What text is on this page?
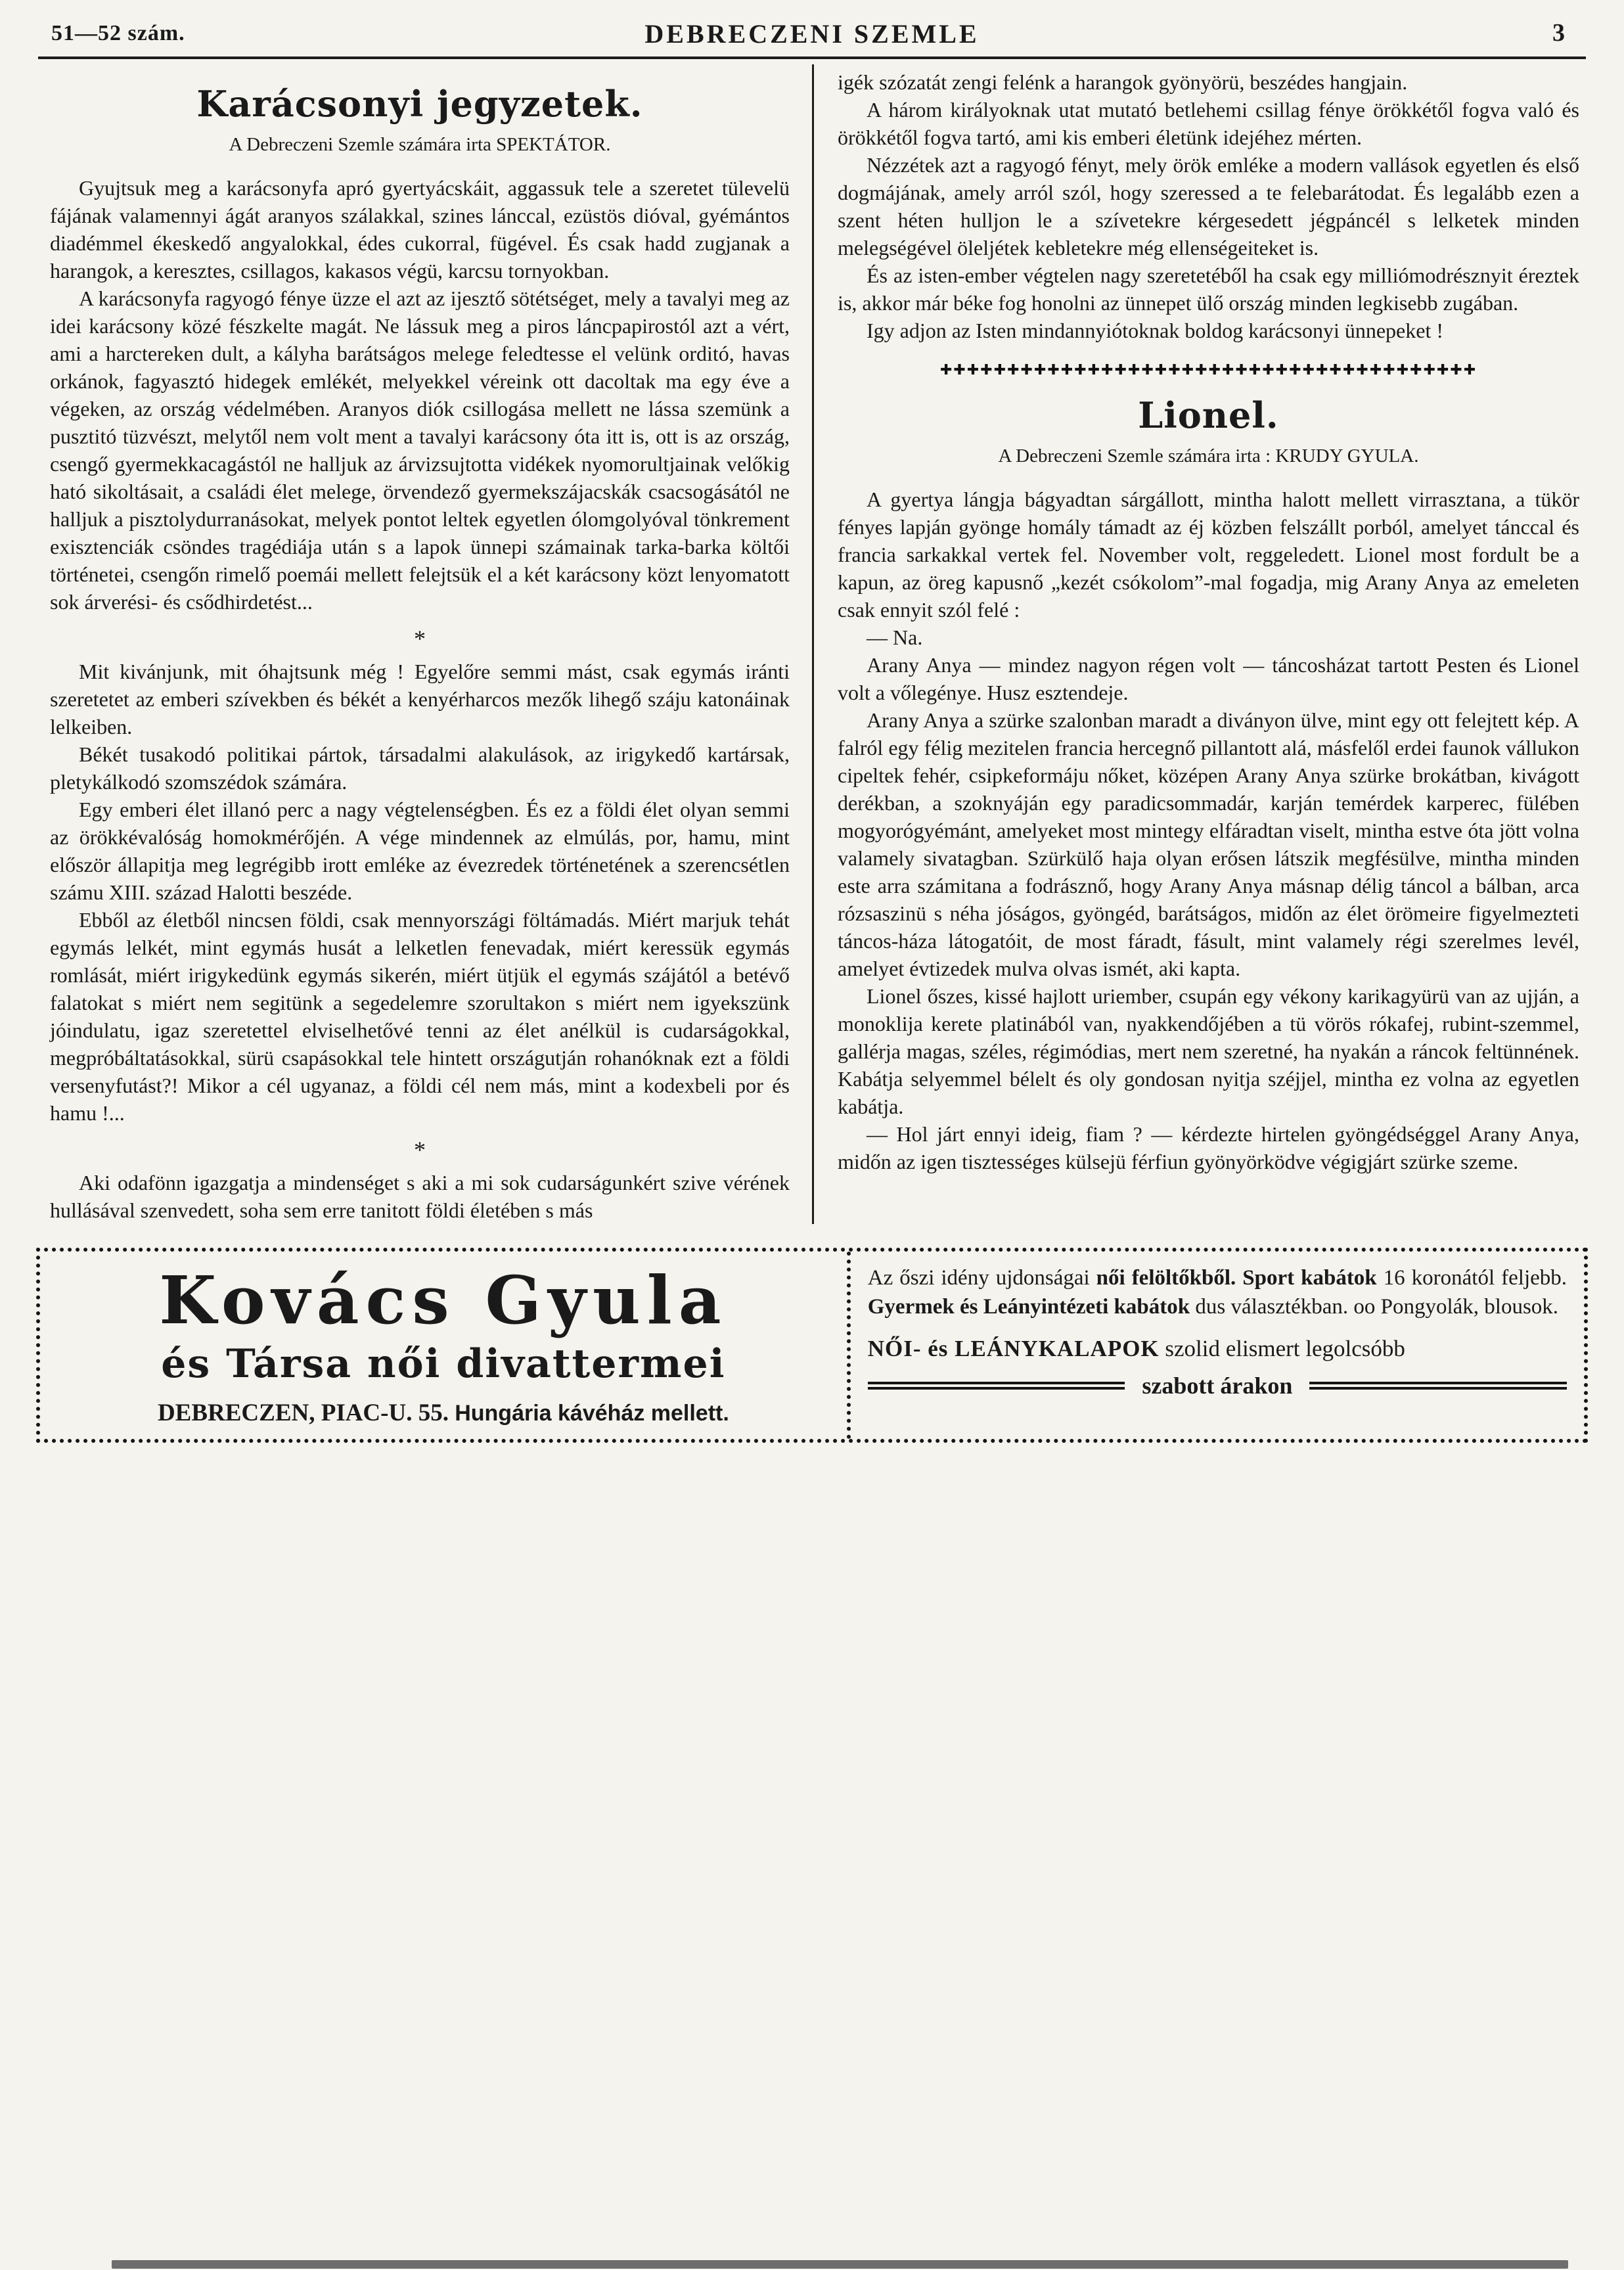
51—52 szám.	DEBRECZENI SZEMLE	3
Karácsonyi jegyzetek.
A Debreczeni Szemle számára irta SPEKTÁTOR.

Gyujtsuk meg a karácsonyfa apró gyertyácskáit, aggassuk tele a szeretet tülevelü fájának valamennyi ágát aranyos szálakkal, szines lánccal, ezüstös dióval, gyémántos diadémmel ékeskedő angyalokkal, édes cukorral, fügével. És csak hadd zugjanak a harangok, a keresztes, csillagos, kakasos végü, karcsu tornyokban.

A karácsonyfa ragyogó fénye üzze el azt az ijesztő sötétséget, mely a tavalyi meg az idei karácsony közé fészkelte magát. Ne lássuk meg a piros láncpapirostól azt a vért, ami a harctereken dult, a kályha barátságos melege feledtesse el velünk orditó, havas orkánok, fagyasztó hidegek emlékét, melyekkel véreink ott dacoltak ma egy éve a végeken, az ország védelmében. Aranyos diók csillogása mellett ne lássa szemünk a pusztitó tüzvészt, melytől nem volt ment a tavalyi karácsony óta itt is, ott is az ország, csengő gyermekkacagástól ne halljuk az árvizsujtotta vidékek nyomorultjainak velőkig ható sikoltásait, a családi élet melege, örvendező gyermekszájacskák csacsogásától ne halljuk a pisztolydurranásokat, melyek pontot leltek egyetlen ólomgolyóval tönkrement exisztenciák csöndes tragédiája után s a lapok ünnepi számainak tarka-barka költői történetei, csengőn rimelő poemái mellett felejtsük el a két karácsony közt lenyomatott sok árverési- és csődhirdetést...

*

Mit kivánjunk, mit óhajtsunk még ! Egyelőre semmi mást, csak egymás iránti szeretetet az emberi szívekben és békét a kenyérharcos mezők lihegő száju katonáinak lelkeiben.

Békét tusakodó politikai pártok, társadalmi alakulások, az irigykedő kartársak, pletykálkodó szomszédok számára.

Egy emberi élet illanó perc a nagy végtelenségben. És ez a földi élet olyan semmi az örökkévalóság homokmérőjén. A vége mindennek az elmúlás, por, hamu, mint először állapitja meg legrégibb irott emléke az évezredek történetének a szerencsétlen számu XIII. század Halotti beszéde.

Ebből az életből nincsen földi, csak mennyországi föltámadás. Miért marjuk tehát egymás lelkét, mint egymás husát a lelketlen fenevadak, miért keressük egymás romlását, miért irigykedünk egymás sikerén, miért ütjük el egymás szájától a betévő falatokat s miért nem segitünk a segedelemre szorultakon s miért nem igyekszünk jóindulatu, igaz szeretettel elviselhetővé tenni az élet anélkül is cudarságokkal, megpróbáltatásokkal, sürü csapásokkal tele hintett országutján rohanóknak ezt a földi versenyfutást?! Mikor a cél ugyanaz, a földi cél nem más, mint a kodexbeli por és hamu !...

*

Aki odafönn igazgatja a mindenséget s aki a mi sok cudarságunkért szive vérének hullásával szenvedett, soha sem erre tanitott földi életében s más

igék szózatát zengi felénk a harangok gyönyörü, beszédes hangjain.

A három királyoknak utat mutató betlehemi csillag fénye örökkétől fogva való és örökkétől fogva tartó, ami kis emberi életünk idejéhez mérten.

Nézzétek azt a ragyogó fényt, mely örök emléke a modern vallások egyetlen és első dogmájának, amely arról szól, hogy szeressed a te felebarátodat. És legalább ezen a szent héten hulljon le a szívetekre kérgesedett jégpáncél s lelketek minden melegségével öleljétek kebletekre még ellenségeiteket is.

És az isten-ember végtelen nagy szeretetéből ha csak egy milliómodrésznyit éreztek is, akkor már béke fog honolni az ünnepet ülő ország minden legkisebb zugában.

Igy adjon az Isten mindannyiótoknak boldog karácsonyi ünnepeket !

✚✚✚✚✚✚✚✚✚✚✚✚✚✚✚✚✚✚✚✚✚✚✚✚✚✚✚✚✚✚✚✚✚✚✚✚✚✚✚✚
Lionel.
A Debreczeni Szemle számára irta : KRUDY GYULA.

A gyertya lángja bágyadtan sárgállott, mintha halott mellett virrasztana, a tükör fényes lapján gyönge homály támadt az éj közben felszállt porból, amelyet tánccal és francia sarkakkal vertek fel. November volt, reggeledett. Lionel most fordult be a kapun, az öreg kapusnő „kezét csókolom”-mal fogadja, mig Arany Anya az emeleten csak ennyit szól felé :

— Na.

Arany Anya — mindez nagyon régen volt — táncosházat tartott Pesten és Lionel volt a vőlegénye. Husz esztendeje.

Arany Anya a szürke szalonban maradt a diványon ülve, mint egy ott felejtett kép. A falról egy félig mezitelen francia hercegnő pillantott alá, másfelől erdei faunok vállukon cipeltek fehér, csipkeformáju nőket, középen Arany Anya szürke brokátban, kivágott derékban, a szoknyáján egy paradicsommadár, karján temérdek karperec, fülében mogyorógyémánt, amelyeket most mintegy elfáradtan viselt, mintha estve óta jött volna valamely sivatagban. Szürkülő haja olyan erősen látszik megfésülve, mintha minden este arra számitana a fodrásznő, hogy Arany Anya másnap délig táncol a bálban, arca rózsaszinü s néha jóságos, gyöngéd, barátságos, midőn az élet örömeire figyelmezteti táncos-háza látogatóit, de most fáradt, fásult, mint valamely régi szerelmes levél, amelyet évtizedek mulva olvas ismét, aki kapta.

Lionel őszes, kissé hajlott uriember, csupán egy vékony karikagyürü van az ujján, a monoklija kerete platinából van, nyakkendőjében a tü vörös rókafej, rubint-szemmel, gallérja magas, széles, régimódias, mert nem szeretné, ha nyakán a ráncok feltünnének. Kabátja selyemmel bélelt és oly gondosan nyitja széjjel, mintha ez volna az egyetlen kabátja.

— Hol járt ennyi ideig, fiam ? — kérdezte hirtelen gyöngédséggel Arany Anya, midőn az igen tisztességes külsejü férfiun gyönyörködve végigjárt szürke szeme.

Kovács Gyula
és Társa női divattermei
DEBRECZEN, PIAC-U. 55. Hungária kávéház mellett.

Az őszi idény ujdonságai női felöltőkből. Sport kabátok 16 koronától feljebb. Gyermek és Leányintézeti kabátok dus választékban. oo Pongyolák, blousok.

NŐI- és LEÁNYKALAPOK szolid elismert legolcsóbb
szabott árakon
